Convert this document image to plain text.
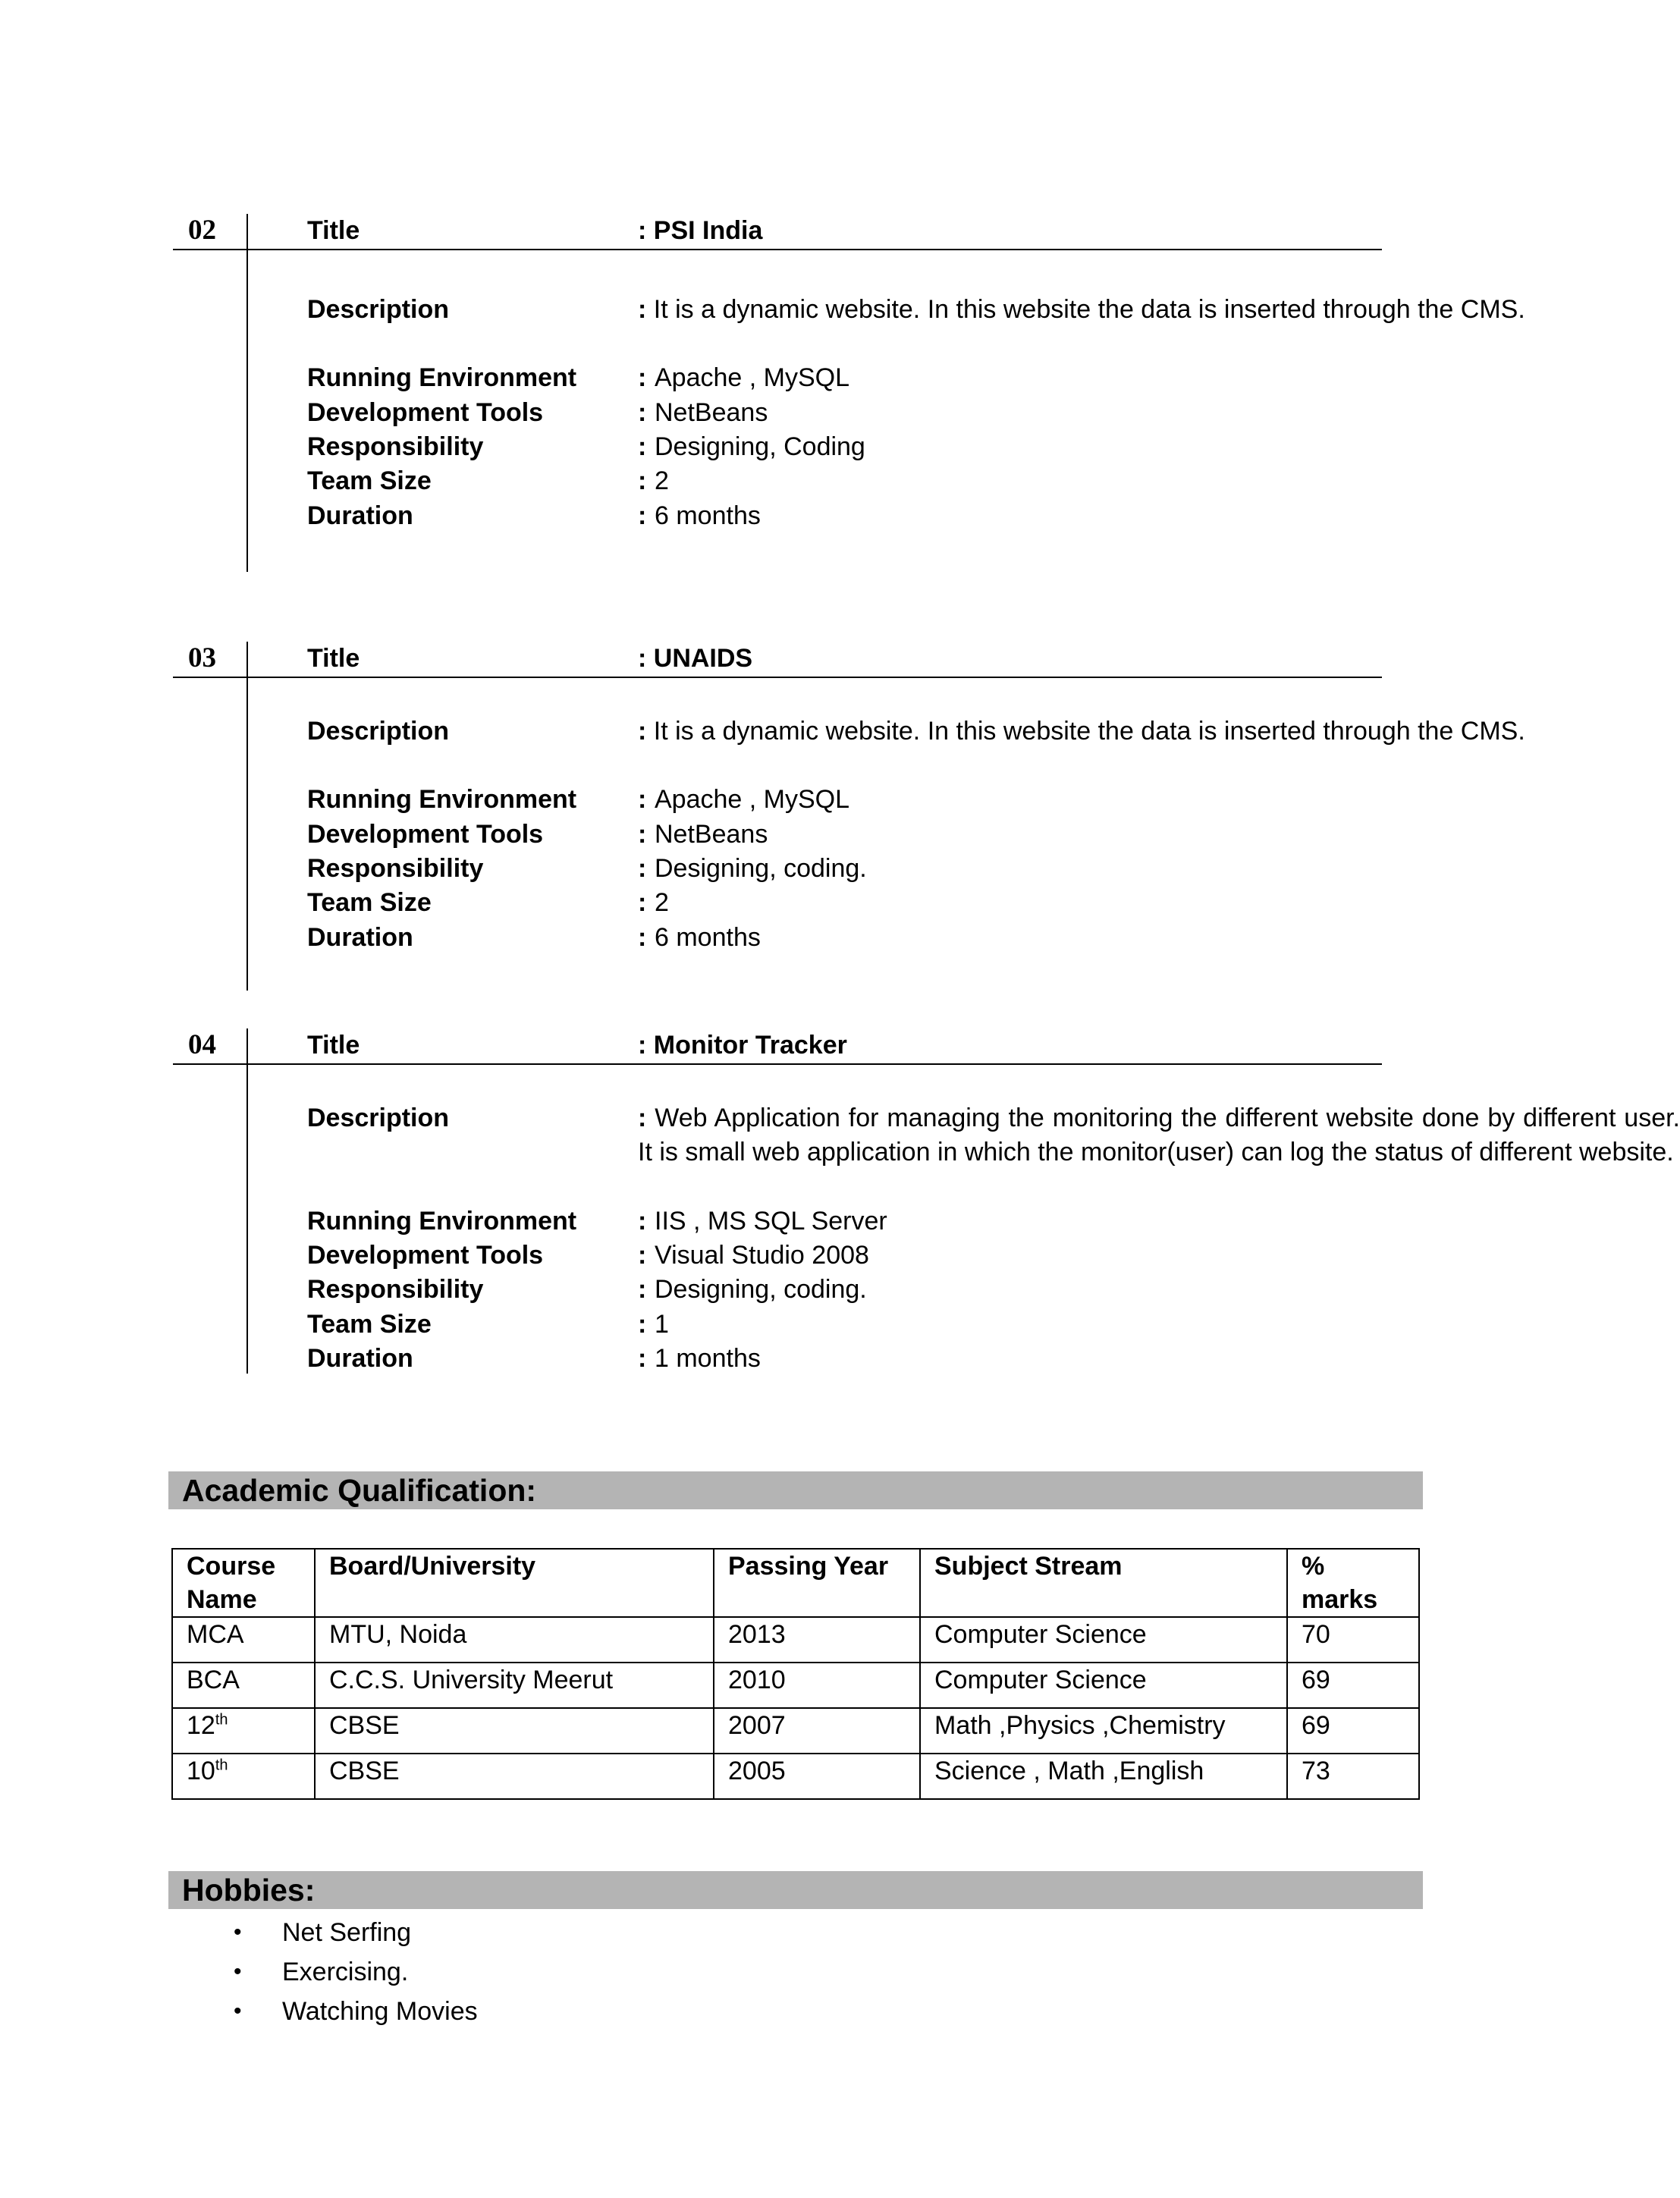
02	Title	: PSI India
Description	: It is a dynamic website. In this website the data is inserted through the CMS.
Running Environment	: Apache , MySQL
Development Tools	: NetBeans
Responsibility	: Designing, Coding
Team Size	: 2
Duration	: 6 months
03	Title	: UNAIDS
Description	: It is a dynamic website. In this website the data is inserted through the CMS.
Running Environment	: Apache , MySQL
Development Tools	: NetBeans
Responsibility	: Designing, coding.
Team Size	: 2
Duration	: 6 months
04	Title	: Monitor Tracker
Description	: Web Application for managing the monitoring the different website done by different user. It is small web application in which the monitor(user) can log the status of different website.
Running Environment	: IIS , MS SQL Server
Development Tools	: Visual Studio 2008
Responsibility	: Designing, coding.
Team Size	: 1
Duration	: 1 months
Academic Qualification:
Course Name	Board/University	Passing Year	Subject Stream	% marks
MCA	MTU, Noida	2013	Computer Science	70
BCA	C.C.S. University Meerut	2010	Computer Science	69
12th	CBSE	2007	Math ,Physics ,Chemistry	69
10th	CBSE	2005	Science , Math ,English	73
Hobbies:
• Net Serfing
• Exercising.
• Watching Movies
